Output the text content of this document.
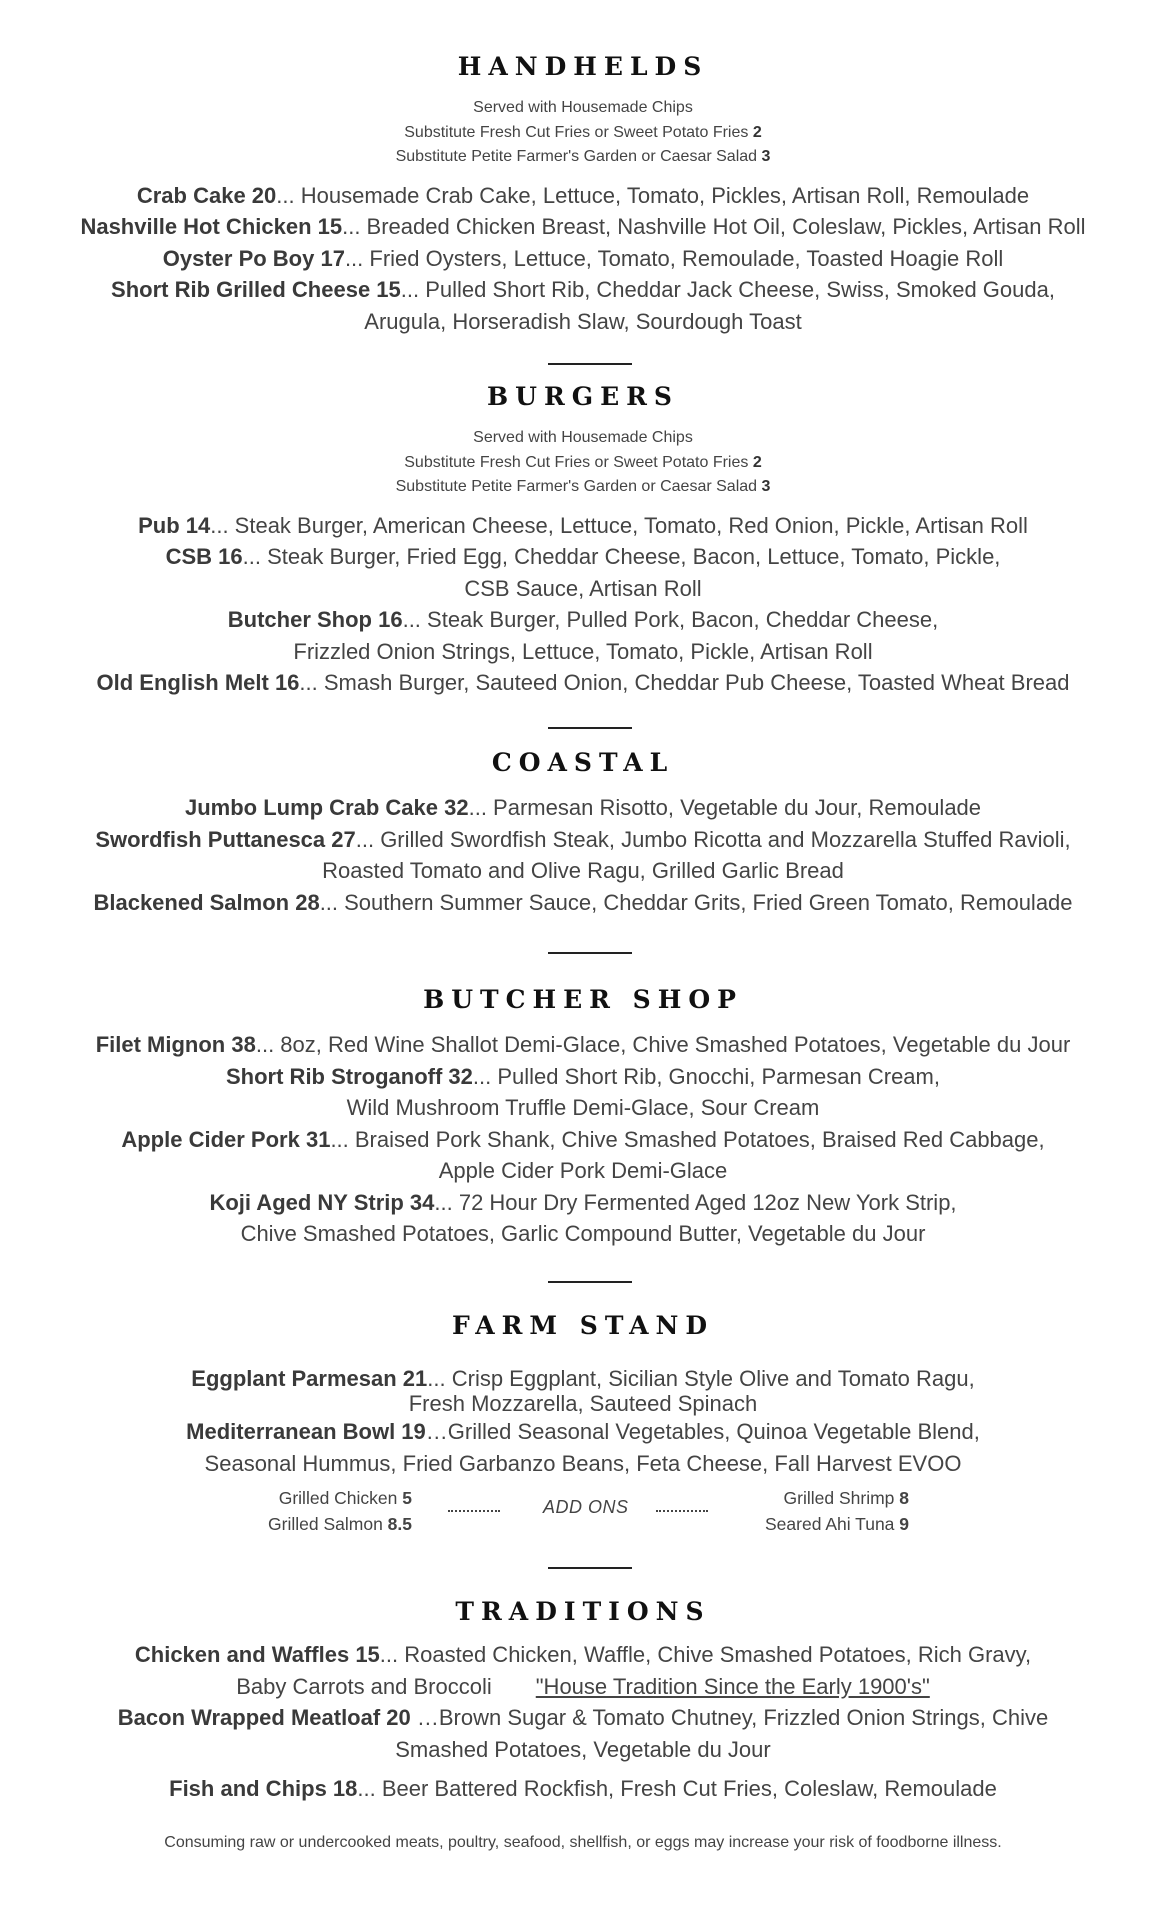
HANDHELDS
Served with Housemade Chips
Substitute Fresh Cut Fries or Sweet Potato Fries 2
Substitute Petite Farmer's Garden or Caesar Salad 3
Crab Cake 20... Housemade Crab Cake, Lettuce, Tomato, Pickles, Artisan Roll, Remoulade
Nashville Hot Chicken 15... Breaded Chicken Breast, Nashville Hot Oil, Coleslaw, Pickles, Artisan Roll
Oyster Po Boy 17... Fried Oysters, Lettuce, Tomato, Remoulade, Toasted Hoagie Roll
Short Rib Grilled Cheese 15... Pulled Short Rib, Cheddar Jack Cheese, Swiss, Smoked Gouda,
Arugula, Horseradish Slaw, Sourdough Toast
BURGERS
Served with Housemade Chips
Substitute Fresh Cut Fries or Sweet Potato Fries 2
Substitute Petite Farmer's Garden or Caesar Salad 3
Pub 14... Steak Burger, American Cheese, Lettuce, Tomato, Red Onion, Pickle, Artisan Roll
CSB 16... Steak Burger, Fried Egg, Cheddar Cheese, Bacon, Lettuce, Tomato, Pickle,
CSB Sauce, Artisan Roll
Butcher Shop 16... Steak Burger, Pulled Pork, Bacon, Cheddar Cheese,
Frizzled Onion Strings, Lettuce, Tomato, Pickle, Artisan Roll
Old English Melt 16... Smash Burger, Sauteed Onion, Cheddar Pub Cheese, Toasted Wheat Bread
COASTAL
Jumbo Lump Crab Cake 32... Parmesan Risotto, Vegetable du Jour, Remoulade
Swordfish Puttanesca 27... Grilled Swordfish Steak, Jumbo Ricotta and Mozzarella Stuffed Ravioli,
Roasted Tomato and Olive Ragu, Grilled Garlic Bread
Blackened Salmon 28... Southern Summer Sauce, Cheddar Grits, Fried Green Tomato, Remoulade
BUTCHER SHOP
Filet Mignon 38... 8oz, Red Wine Shallot Demi-Glace, Chive Smashed Potatoes, Vegetable du Jour
Short Rib Stroganoff 32... Pulled Short Rib, Gnocchi, Parmesan Cream,
Wild Mushroom Truffle Demi-Glace, Sour Cream
Apple Cider Pork 31... Braised Pork Shank, Chive Smashed Potatoes, Braised Red Cabbage,
Apple Cider Pork Demi-Glace
Koji Aged NY Strip 34... 72 Hour Dry Fermented Aged 12oz New York Strip,
Chive Smashed Potatoes, Garlic Compound Butter, Vegetable du Jour
FARM STAND
Eggplant Parmesan 21... Crisp Eggplant, Sicilian Style Olive and Tomato Ragu,
Fresh Mozzarella, Sauteed Spinach
Mediterranean Bowl 19…Grilled Seasonal Vegetables, Quinoa Vegetable Blend,
Seasonal Hummus, Fried Garbanzo Beans, Feta Cheese, Fall Harvest EVOO
Grilled Chicken 5
Grilled Salmon 8.5
ADD ONS	Grilled Shrimp 8
Seared Ahi Tuna 9
TRADITIONS
Chicken and Waffles 15... Roasted Chicken, Waffle, Chive Smashed Potatoes, Rich Gravy,
Baby Carrots and Broccoli "House Tradition Since the Early 1900's"
Bacon Wrapped Meatloaf 20 …Brown Sugar & Tomato Chutney, Frizzled Onion Strings, Chive
Smashed Potatoes, Vegetable du Jour
Fish and Chips 18... Beer Battered Rockfish, Fresh Cut Fries, Coleslaw, Remoulade
Consuming raw or undercooked meats, poultry, seafood, shellfish, or eggs may increase your risk of foodborne illness.
